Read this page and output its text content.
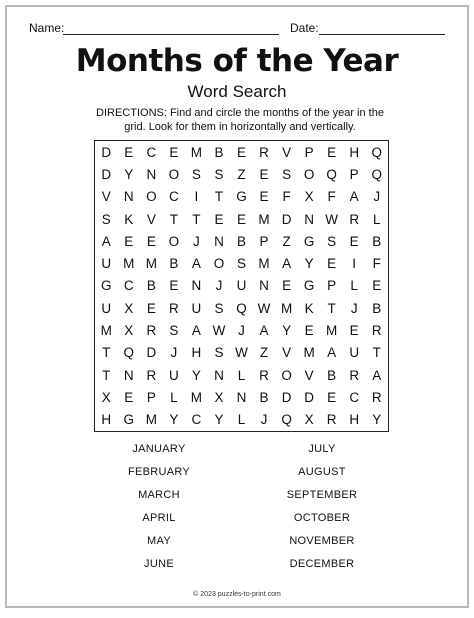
Name:	Date:
Months of the Year
Word Search
DIRECTIONS: Find and circle the months of the year in the grid. Look for them in horizontally and vertically.
D E C E M B	E R V	P	E H Q
D Y N O S	S	Z	E	S O Q P Q
V N O C	I	T G E	F	X	F	A	J
S	K	V	T	T	E	E M D N W R	L
A	E	E O	J	N B	P	Z G S	E	B
U M M B	A O S M A	Y	E	I	F
G C B	E N	J	U N E G P	L	E
U X	E R U S Q W M K	T	J	B
M X R S	A W J	A	Y	E M E R
T Q D	J	H S W Z	V M A U	T
T	N R U Y N	L	R O V	B R A
X	E	P	L M X N B D D E C R
H G M Y C Y	L	J	Q X R H Y
JANUARY
FEBRUARY
MARCH
APRIL
MAY
JUNE
JULY
AUGUST
SEPTEMBER
OCTOBER
NOVEMBER
DECEMBER
© 2023 puzzles-to-print.com
